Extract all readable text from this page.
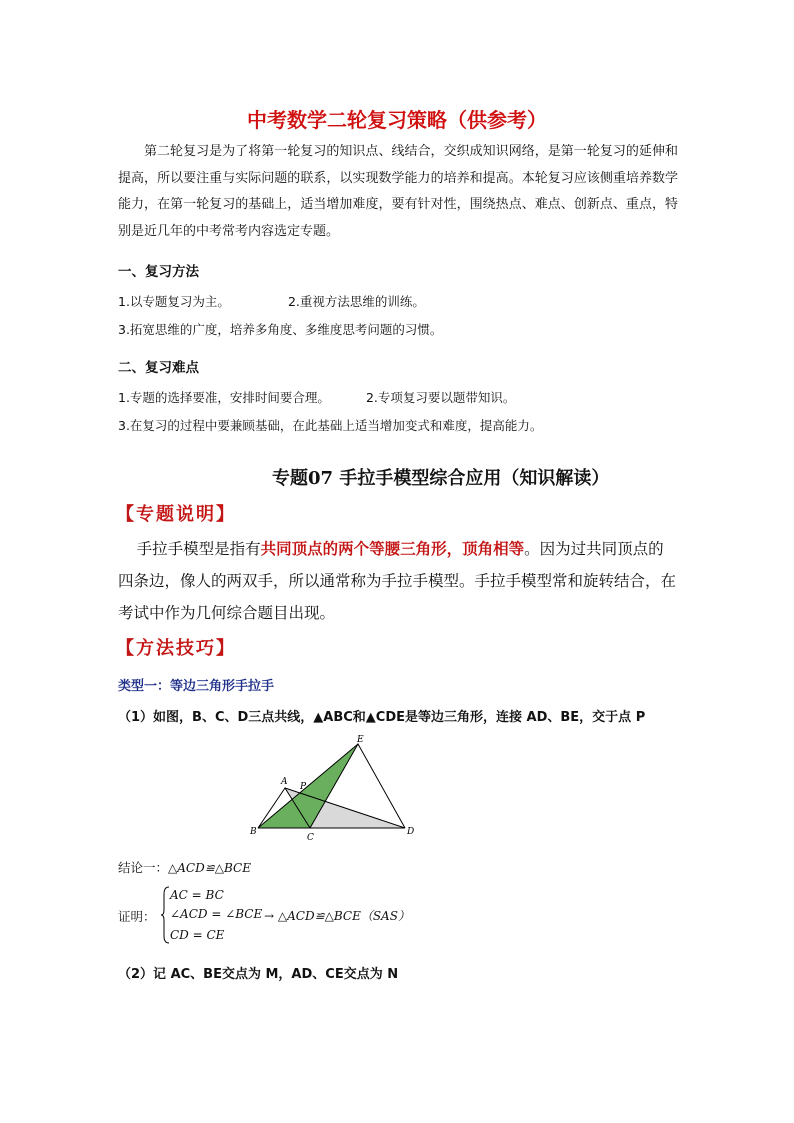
中考数学二轮复习策略（供参考）
第二轮复习是为了将第一轮复习的知识点、线结合，交织成知识网络，是第一轮复习的延伸和提高，所以要注重与实际问题的联系，以实现数学能力的培养和提高。本轮复习应该侧重培养数学能力，在第一轮复习的基础上，适当增加难度，要有针对性，围绕热点、难点、创新点、重点，特别是近几年的中考常考内容选定专题。
一、复习方法
1.以专题复习为主。	2.重视方法思维的训练。
3.拓宽思维的广度，培养多角度、多维度思考问题的习惯。
二、复习难点
1.专题的选择要准，安排时间要合理。	2.专项复习要以题带知识。
3.在复习的过程中要兼顾基础，在此基础上适当增加变式和难度，提高能力。
专题07 手拉手模型综合应用（知识解读）
【专题说明】
手拉手模型是指有共同顶点的两个等腰三角形，顶角相等。因为过共同顶点的四条边，像人的两双手，所以通常称为手拉手模型。手拉手模型常和旋转结合，在考试中作为几何综合题目出现。
【方法技巧】
类型一：等边三角形手拉手
（1）如图，B、C、D三点共线，▲ABC和▲CDE是等边三角形，连接 AD、BE，交于点 P
A
B
C
D
E
P
结论一：△ACD≌△BCE
证明：
AC = BC
∠ACD = ∠BCE
CD = CE
→ △ACD≌△BCE（SAS）
（2）记 AC、BE交点为 M，AD、CE交点为 N
